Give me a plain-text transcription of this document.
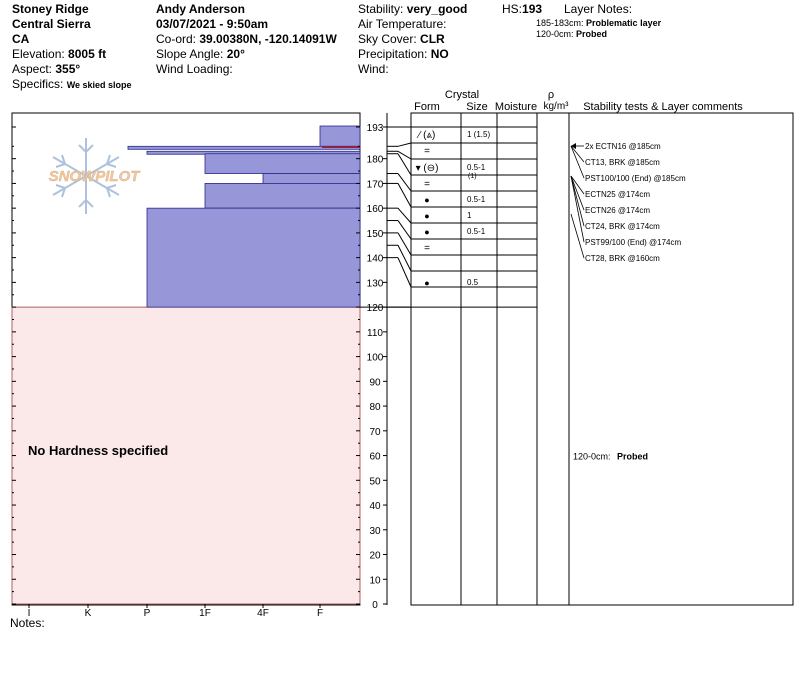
Stoney Ridge
Central Sierra
CA
Elevation: 8005 ft
Aspect: 355°
Specifics: We skied slope
Andy Anderson
03/07/2021 - 9:50am
Co-ord: 39.00380N, -120.14091W
Slope Angle: 20°
Wind Loading:
Stability: very_good
Air Temperature:
Sky Cover: CLR
Precipitation: NO
Wind:
HS:193 Layer Notes:
185-183cm: Problematic layer
120-0cm: Probed
Crystal
Form Size Moisture
ρ
kg/m³ Stability tests & Layer comments
SNOWPILOT
No Hardness specified
I	K	P	1F	4F	F
0
10
20
30
40
50
60
70
80
90
100
110
120
130
140
150
160
170
180
193
⁄ (⩓)	1 (1.5)
=
▾ (⊖)	0.5-1
(1)
=
●	0.5-1
●	1
●	0.5-1
=
●	0.5
2x ECTN16 @185cm
CT13, BRK @185cm
PST100/100 (End) @185cm
ECTN25 @174cm
ECTN26 @174cm
CT24, BRK @174cm
PST99/100 (End) @174cm
CT28, BRK @160cm
120-0cm: Probed
Notes:
